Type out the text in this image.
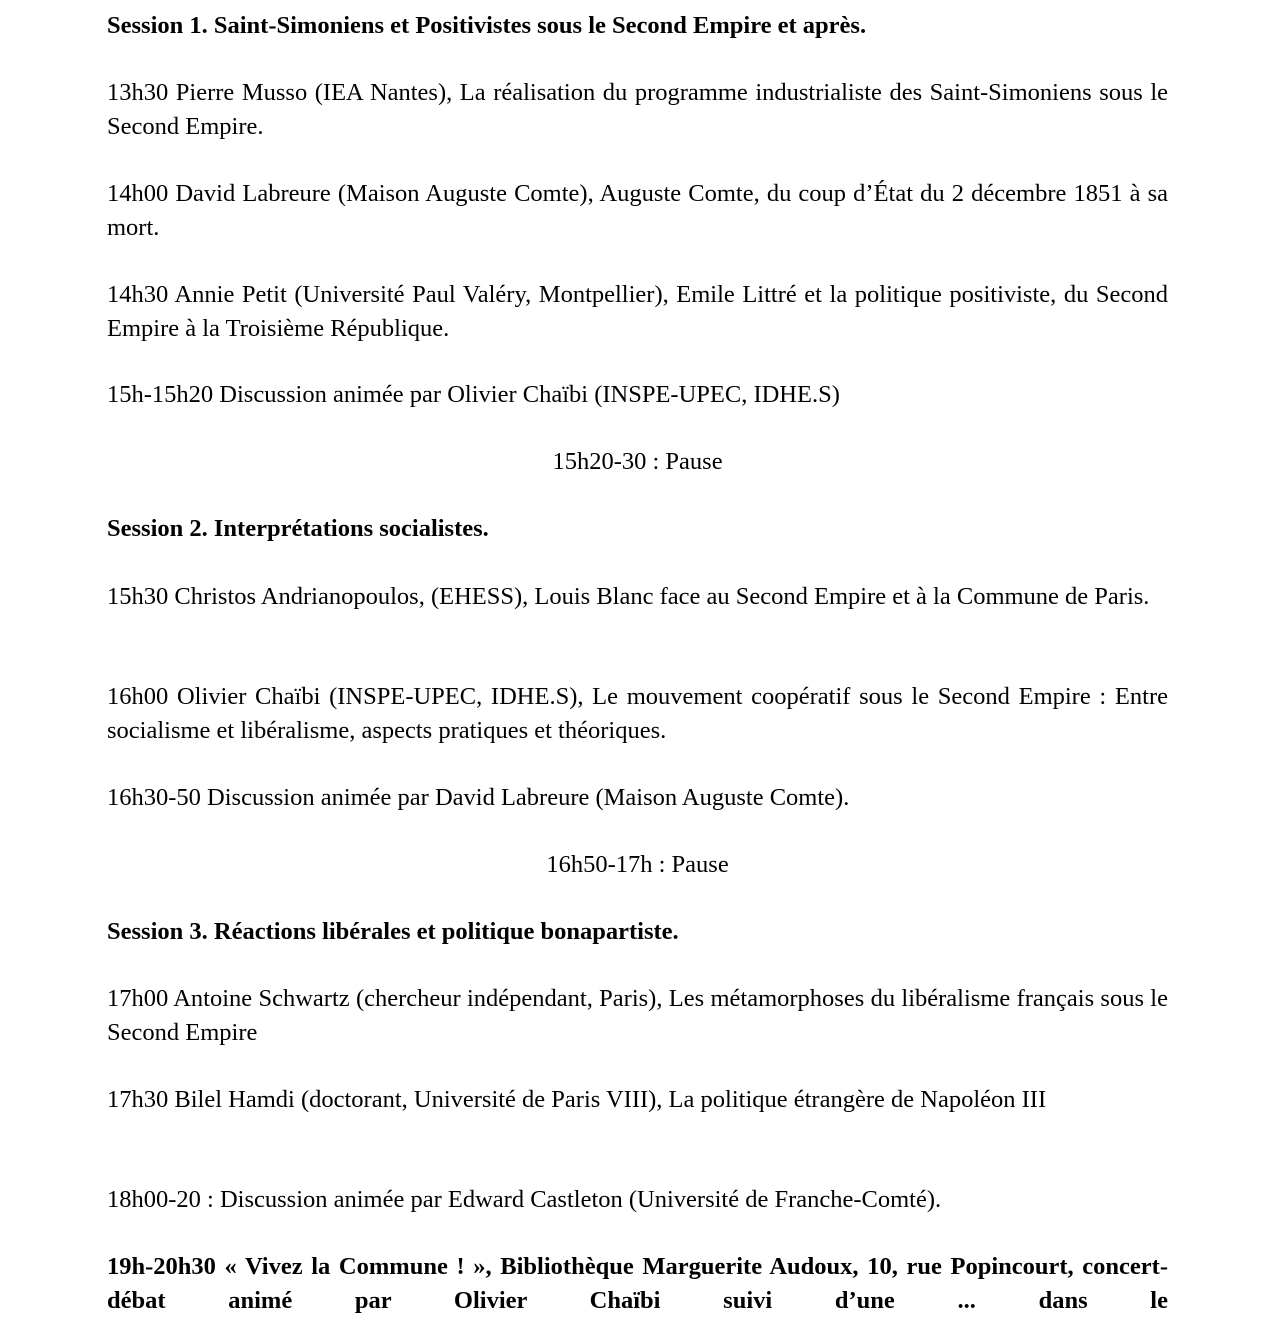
Session 1. Saint-Simoniens et Positivistes sous le Second Empire et après.

13h30 Pierre Musso (IEA Nantes), La réalisation du programme industrialiste des Saint-Simoniens sous le Second Empire.

14h00 David Labreure (Maison Auguste Comte), Auguste Comte, du coup d’État du 2 décembre 1851 à sa mort.

14h30 Annie Petit (Université Paul Valéry, Montpellier), Emile Littré et la politique positiviste, du Second Empire à la Troisième République.

15h-15h20 Discussion animée par Olivier Chaïbi (INSPE-UPEC, IDHE.S)

15h20-30 : Pause

Session 2. Interprétations socialistes.

15h30 Christos Andrianopoulos, (EHESS), Louis Blanc face au Second Empire et à la Commune de Paris.

16h00 Olivier Chaïbi (INSPE-UPEC, IDHE.S), Le mouvement coopératif sous le Second Empire : Entre socialisme et libéralisme, aspects pratiques et théoriques.

16h30-50 Discussion animée par David Labreure (Maison Auguste Comte).

16h50-17h : Pause

Session 3. Réactions libérales et politique bonapartiste.

17h00 Antoine Schwartz (chercheur indépendant, Paris), Les métamorphoses du libéralisme français sous le Second Empire

17h30 Bilel Hamdi (doctorant, Université de Paris VIII), La politique étrangère de Napoléon III

18h00-20 : Discussion animée par Edward Castleton (Université de Franche-Comté).

19h-20h30 « Vivez la Commune ! », Bibliothèque Marguerite Audoux, 10, rue Popincourt, concert-débat animé par Olivier Chaïbi suivi d’une ... dans le
